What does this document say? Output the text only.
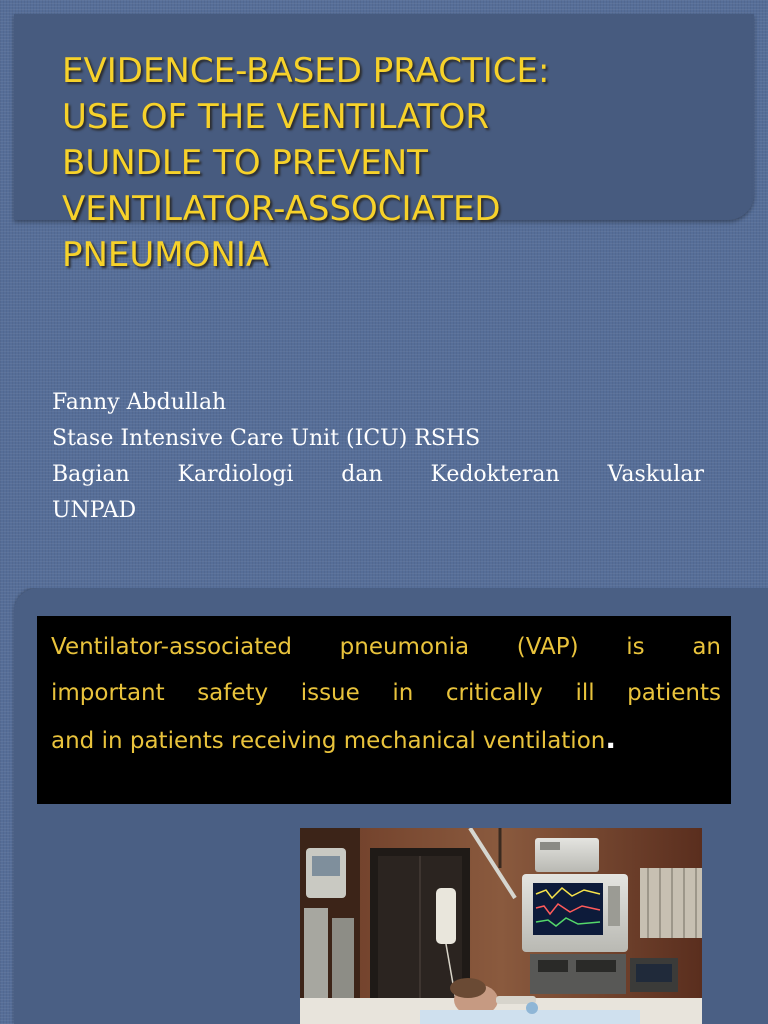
EVIDENCE-BASED PRACTICE:
USE OF THE VENTILATOR
BUNDLE TO PREVENT
VENTILATOR-ASSOCIATED
PNEUMONIA
Fanny Abdullah
Stase Intensive Care Unit (ICU) RSHS
Bagian Kardiologi dan Kedokteran Vaskular
UNPAD
Ventilator-associated pneumonia (VAP) is an
important safety issue in critically ill patients
and in patients receiving mechanical ventilation.
